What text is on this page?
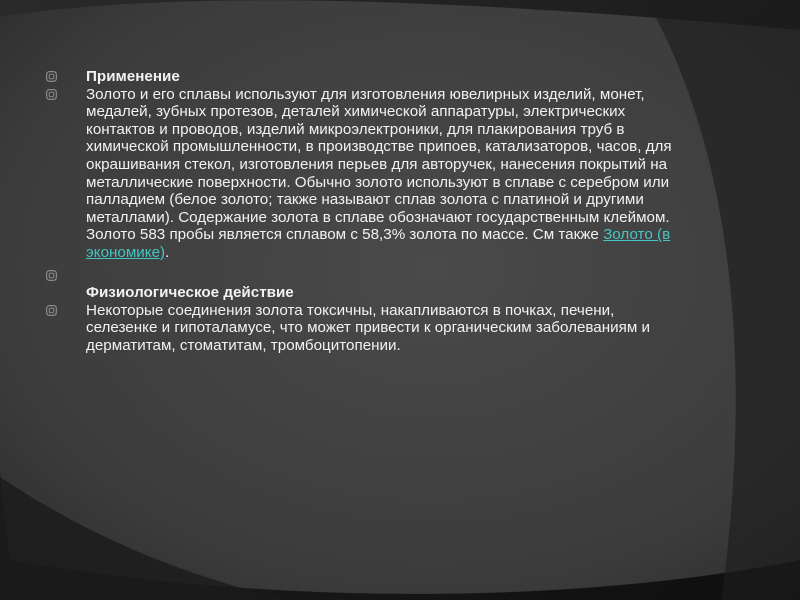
Применение

Золото и его сплавы используют для изготовления ювелирных изделий, монет, медалей, зубных протезов, деталей химической аппаратуры, электрических контактов и проводов, изделий микроэлектроники, для плакирования труб в химической промышленности, в производстве припоев, катализаторов, часов, для окрашивания стекол, изготовления перьев для авторучек, нанесения покрытий на металлические поверхности. Обычно золото используют в сплаве с серебром или палладием (белое золото; также называют сплав золота с платиной и другими металлами). Содержание золота в сплаве обозначают государственным клеймом. Золото 583 пробы является сплавом с 58,3% золота по массе. См также Золото (в экономике).

Физиологическое действие

Некоторые соединения золота токсичны, накапливаются в почках, печени, селезенке и гипоталамусе, что может привести к органическим заболеваниям и дерматитам, стоматитам, тромбоцитопении.
